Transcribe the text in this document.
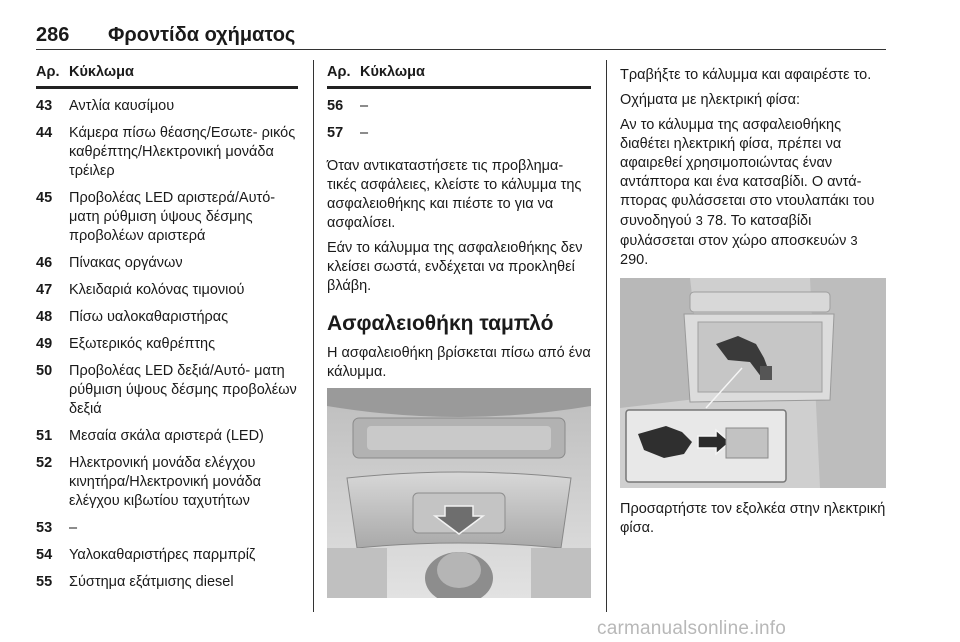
286 Φροντίδα οχήματος
Αρ. Κύκλωμα
43	Αντλία καυσίμου
44	Κάμερα πίσω θέασης/Εσωτε- ρικός καθρέπτης/Ηλεκτρονική μονάδα τρέιλερ
45	Προβολέας LED αριστερά/Αυτό- ματη ρύθμιση ύψους δέσμης προβολέων αριστερά
46	Πίνακας οργάνων
47	Κλειδαριά κολόνας τιμονιού
48	Πίσω υαλοκαθαριστήρας
49	Εξωτερικός καθρέπτης
50	Προβολέας LED δεξιά/Αυτό- ματη ρύθμιση ύψους δέσμης προβολέων δεξιά
51	Μεσαία σκάλα αριστερά (LED)
52	Ηλεκτρονική μονάδα ελέγχου κινητήρα/Ηλεκτρονική μονάδα ελέγχου κιβωτίου ταχυτήτων
53	–
54	Υαλοκαθαριστήρες παρμπρίζ
55	Σύστημα εξάτμισης diesel
Αρ. Κύκλωμα
56	–
57	–

Όταν αντικαταστήσετε τις προβλημα- τικές ασφάλειες, κλείστε το κάλυμμα της ασφαλειοθήκης και πιέστε το για να ασφαλίσει.

Εάν το κάλυμμα της ασφαλειοθήκης δεν κλείσει σωστά, ενδέχεται να προκληθεί βλάβη.

Ασφαλειοθήκη ταμπλό

Η ασφαλειοθήκη βρίσκεται πίσω από ένα κάλυμμα.

Τραβήξτε το κάλυμμα και αφαιρέστε το.

Οχήματα με ηλεκτρική φίσα:

Αν το κάλυμμα της ασφαλειοθήκης διαθέτει ηλεκτρική φίσα, πρέπει να αφαιρεθεί χρησιμοποιώντας έναν αντάπτορα και ένα κατσαβίδι. Ο αντά- πτορας φυλάσσεται στο ντουλαπάκι του συνοδηγού 3 78. Το κατσαβίδι φυλάσσεται στον χώρο αποσκευών 3 290.

Προσαρτήστε τον εξολκέα στην ηλεκτρική φίσα.

carmanualsonline.info
